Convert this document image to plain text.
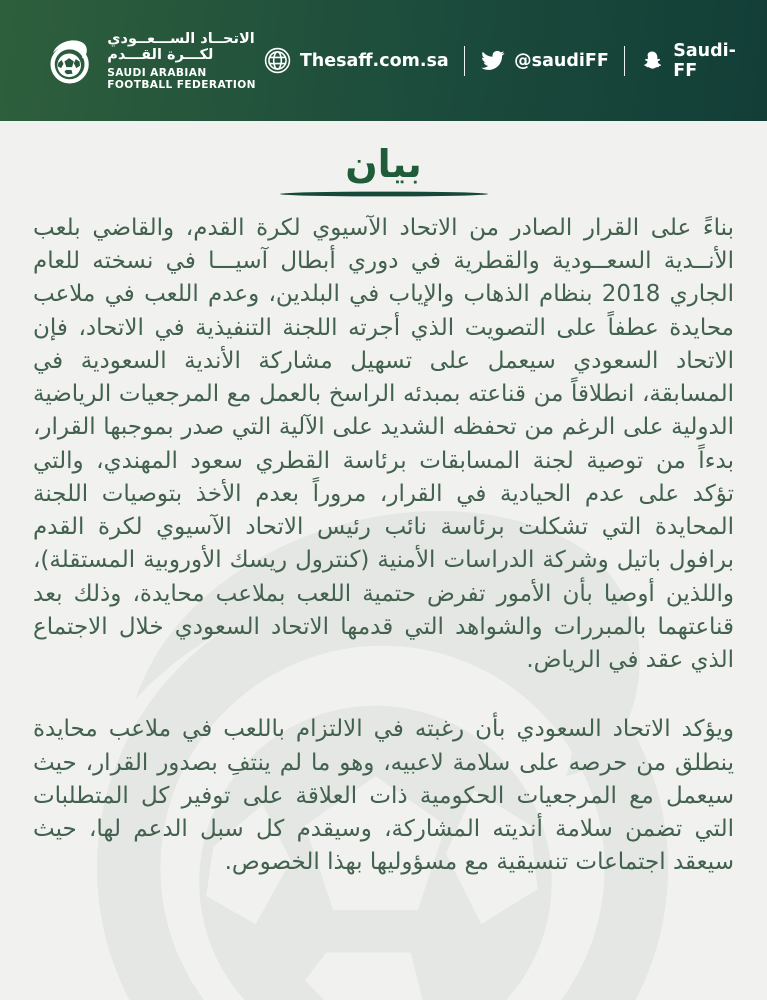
الاتحــاد الســـعــودي لكـــرة القـــدم
SAUDI ARABIAN FOOTBALL FEDERATION
Thesaff.com.sa	@saudiFF	Saudi-FF
بيان

بناءً على القرار الصادر من الاتحاد الآسيوي لكرة القدم، والقاضي بلعب الأنــدية السعــودية والقطرية في دوري أبطال آسيـــا في نسخته للعام الجاري 2018 بنظام الذهاب والإياب في البلدين، وعدم اللعب في ملاعب محايدة عطفاً على التصويت الذي أجرته اللجنة التنفيذية في الاتحاد، فإن الاتحاد السعودي سيعمل على تسهيل مشاركة الأندية السعودية في المسابقة، انطلاقاً من قناعته بمبدئه الراسخ بالعمل مع المرجعيات الرياضية الدولية على الرغم من تحفظه الشديد على الآلية التي صدر بموجبها القرار، بدءاً من توصية لجنة المسابقات برئاسة القطري سعود المهندي، والتي تؤكد على عدم الحيادية في القرار، مروراً بعدم الأخذ بتوصيات اللجنة المحايدة التي تشكلت برئاسة نائب رئيس الاتحاد الآسيوي لكرة القدم برافول باتيل وشركة الدراسات الأمنية (كنترول ريسك الأوروبية المستقلة)، واللذين أوصيا بأن الأمور تفرض حتمية اللعب بملاعب محايدة، وذلك بعد قناعتهما بالمبررات والشواهد التي قدمها الاتحاد السعودي خلال الاجتماع الذي عقد في الرياض.

ويؤكد الاتحاد السعودي بأن رغبته في الالتزام باللعب في ملاعب محايدة ينطلق من حرصه على سلامة لاعبيه، وهو ما لم ينتفِ بصدور القرار، حيث سيعمل مع المرجعيات الحكومية ذات العلاقة على توفير كل المتطلبات التي تضمن سلامة أنديته المشاركة، وسيقدم كل سبل الدعم لها، حيث سيعقد اجتماعات تنسيقية مع مسؤوليها بهذا الخصوص.
